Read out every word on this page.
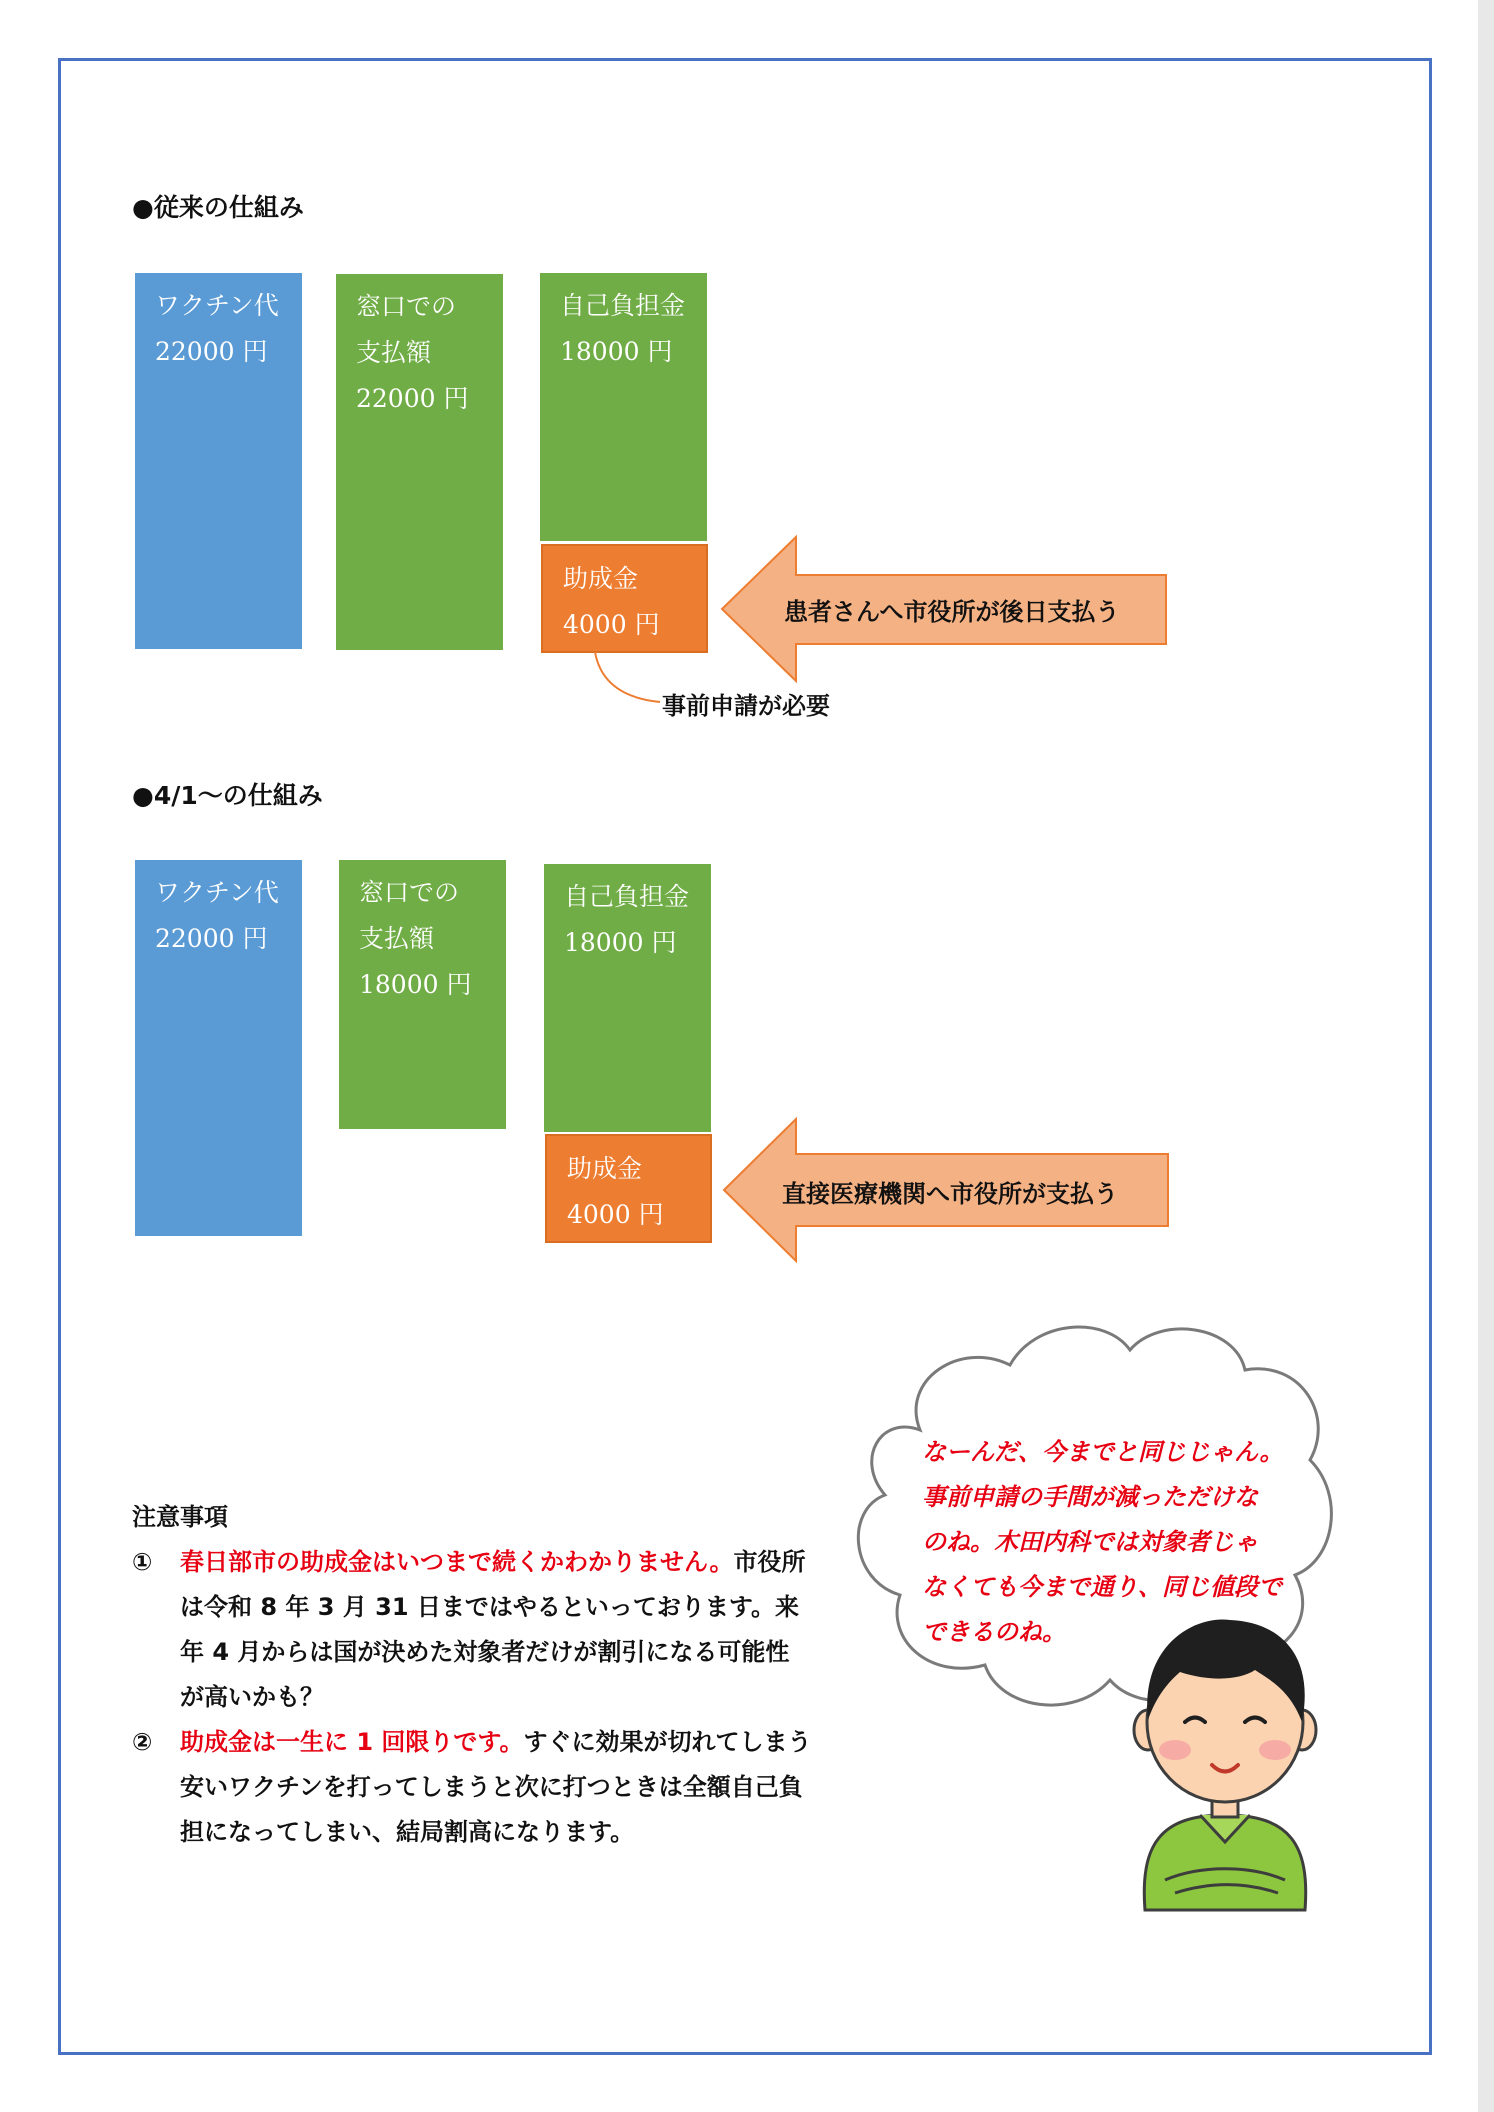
●従来の仕組み
ワクチン代
22000 円
窓口での
支払額
22000 円
自己負担金
18000 円
助成金
4000 円	患者さんへ市役所が後日支払う
事前申請が必要
●4/1〜の仕組み
ワクチン代
22000 円
窓口での
支払額
18000 円
自己負担金
18000 円
助成金
4000 円
直接医療機関へ市役所が支払う
注意事項
① 春日部市の助成金はいつまで続くかわかりません。市役所は令和 8 年 3 月 31 日まではやるといっております。来年 4 月からは国が決めた対象者だけが割引になる可能性が高いかも？
② 助成金は一生に 1 回限りです。すぐに効果が切れてしまう安いワクチンを打ってしまうと次に打つときは全額自己負担になってしまい、結局割高になります。
なーんだ、今までと同じじゃん。
事前申請の手間が減っただけな
のね。木田内科では対象者じゃ
なくても今まで通り、同じ値段で
できるのね。
